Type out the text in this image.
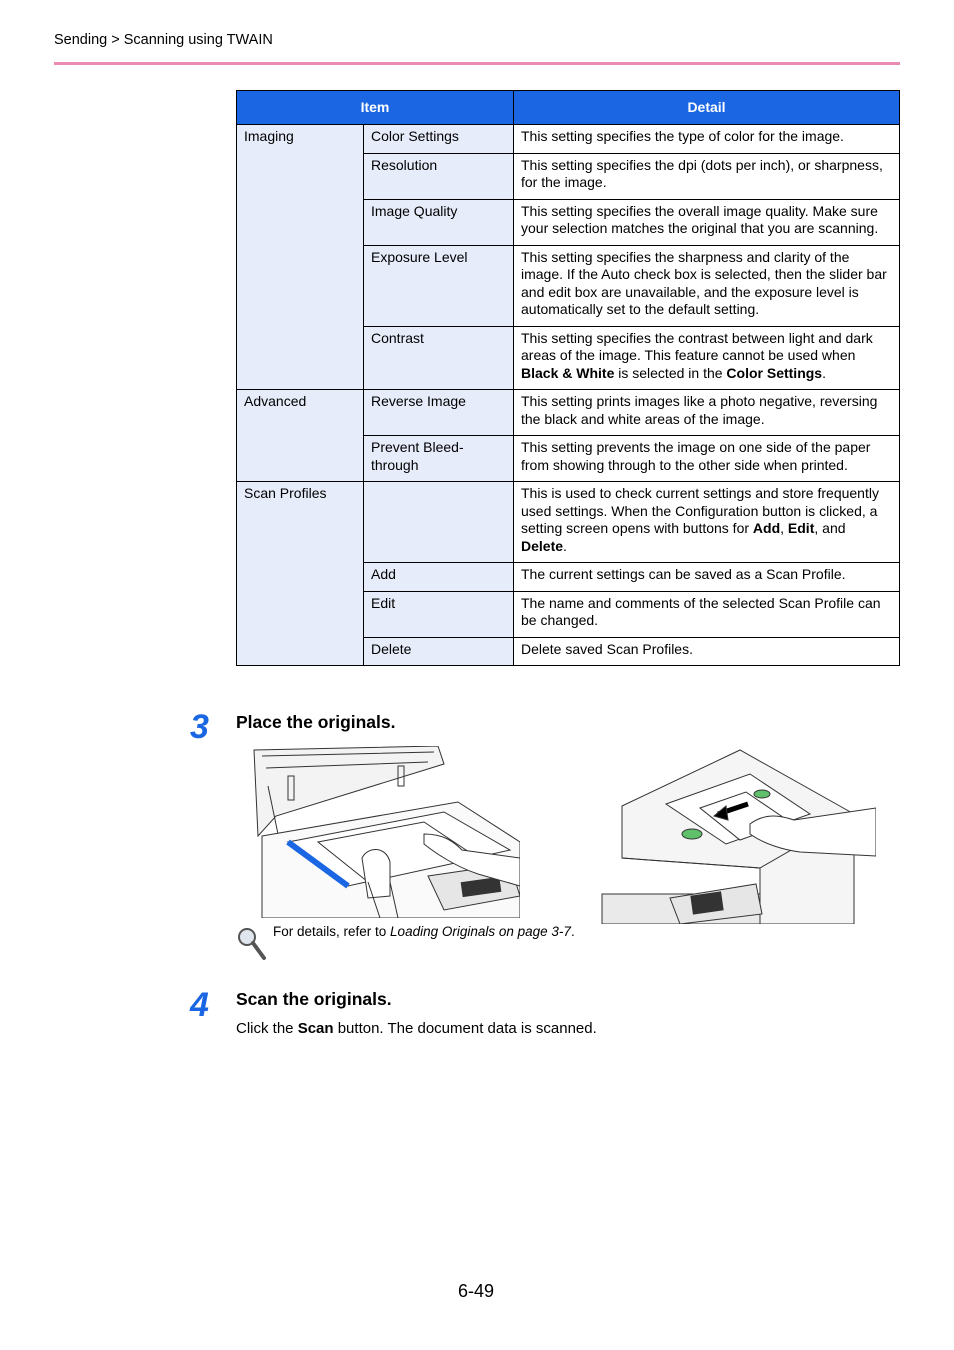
Sending > Scanning using TWAIN
Item		Detail
Imaging	Color Settings	This setting specifies the type of color for the image.
	Resolution	This setting specifies the dpi (dots per inch), or sharpness, for the image.
	Image Quality	This setting specifies the overall image quality. Make sure your selection matches the original that you are scanning.
	Exposure Level	This setting specifies the sharpness and clarity of the image. If the Auto check box is selected, then the slider bar and edit box are unavailable, and the exposure level is automatically set to the default setting.
	Contrast	This setting specifies the contrast between light and dark areas of the image. This feature cannot be used when Black & White is selected in the Color Settings.
Advanced	Reverse Image	This setting prints images like a photo negative, reversing the black and white areas of the image.
	Prevent Bleed-through	This setting prevents the image on one side of the paper from showing through to the other side when printed.
Scan Profiles		This is used to check current settings and store frequently used settings. When the Configuration button is clicked, a setting screen opens with buttons for Add, Edit, and Delete.
	Add	The current settings can be saved as a Scan Profile.
	Edit	The name and comments of the selected Scan Profile can be changed.
	Delete	Delete saved Scan Profiles.
3 Place the originals.
For details, refer to Loading Originals on page 3-7.
4 Scan the originals.
Click the Scan button. The document data is scanned.
6-49
